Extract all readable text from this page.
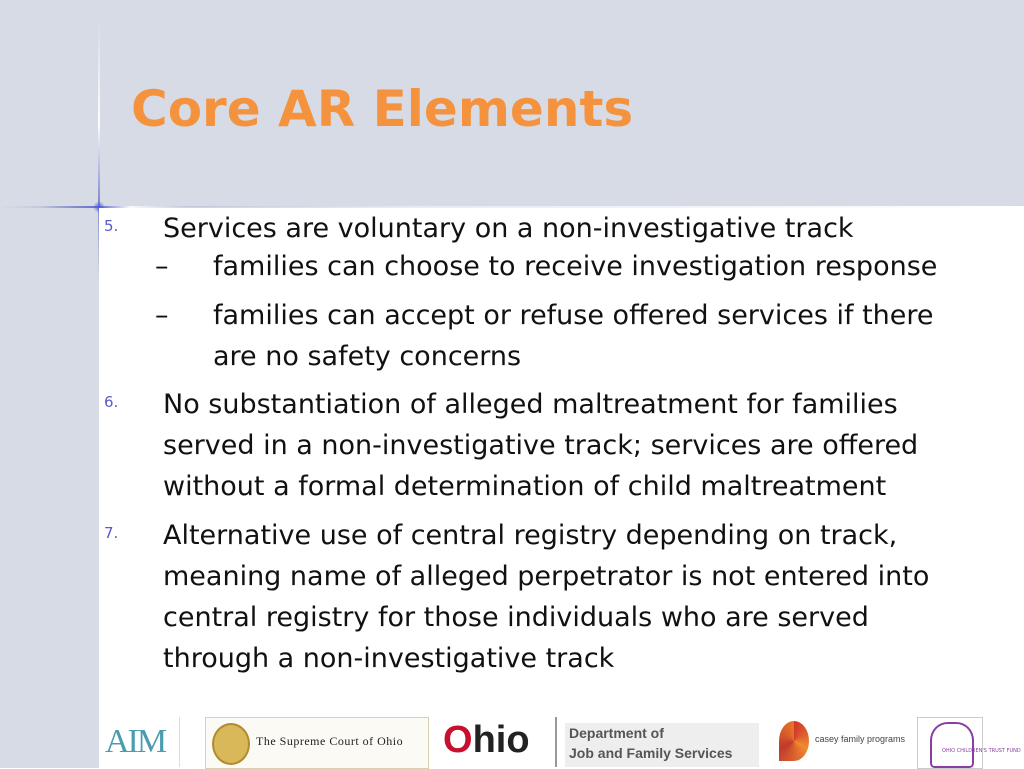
Core AR Elements
5. Services are voluntary on a non-investigative track
– families can choose to receive investigation response
– families can accept or refuse offered services if there are no safety concerns
6. No substantiation of alleged maltreatment for families served in a non-investigative track; services are offered without a formal determination of child maltreatment
7. Alternative use of central registry depending on track, meaning name of alleged perpetrator is not entered into central registry for those individuals who are served through a non-investigative track
AIM	The Supreme Court of Ohio Ohio	Department of
Job and Family Services
casey family programs
OHIO CHILDREN'S TRUST FUND
